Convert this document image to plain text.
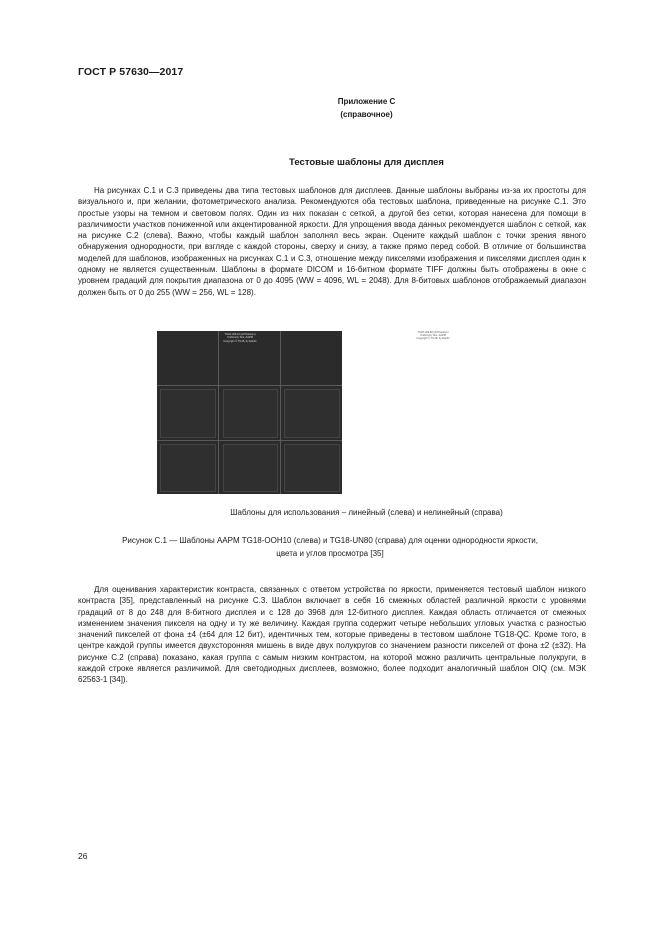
ГОСТ Р 57630—2017
Приложение С
(справочное)
Тестовые шаблоны для дисплея

На рисунках С.1 и С.3 приведены два типа тестовых шаблонов для дисплеев. Данные шаблоны выбраны из-за их простоты для визуального и, при желании, фотометрического анализа. Рекомендуются оба тестовых шаблона, приведенные на рисунке С.1. Это простые узоры на темном и световом полях. Один из них показан с сеткой, а другой без сетки, которая нанесена для помощи в различимости участков пониженной или акцентированной яркости. Для упрощения ввода данных рекомендуется шаблон с сеткой, как на рисунке С.2 (слева). Важно, чтобы каждый шаблон заполнял весь экран. Оцените каждый шаблон с точки зрения явного обнаружения однородности, при взгляде с каждой стороны, сверху и снизу, а также прямо перед собой. В отличие от большинства моделей для шаблонов, изображенных на рисунках С.1 и С.3, отношение между пикселями изображения и пикселями дисплея один к одному не является существенным. Шаблоны в формате DICOM и 16-битном формате TIFF должны быть отображены в окне с уровнем градаций для покрытия диапазона от 0 до 4095 (WW = 4096, WL = 2048). Для 8-битовых шаблонов отображаемый диапазон должен быть от 0 до 255 (WW = 256, WL = 128).

TG18-UNL10 (Al Phantom)
Uniformity Test, AAPM
Copyright © TG18, by EAHG
TG18-UNL80 (Al Phantom)
Uniformity Test, AAPM
Copyright © TG18, by EAHG
Шаблоны для использования – линейный (слева) и нелинейный (справа)
Рисунок С.1 — Шаблоны AAPM TG18-OOH10 (слева) и TG18-UN80 (справа) для оценки однородности яркости,
цвета и углов просмотра [35]

Для оценивания характеристик контраста, связанных с ответом устройства по яркости, применяется тестовый шаблон низкого контраста [35], представленный на рисунке С.3. Шаблон включает в себя 16 смежных областей различной яркости с уровнями градаций от 8 до 248 для 8-битного дисплея и с 128 до 3968 для 12-битного дисплея. Каждая область отличается от смежных изменением значения пикселя на одну и ту же величину. Каждая группа содержит четыре небольших угловых участка с разностью значений пикселей от фона ±4 (±64 для 12 бит), идентичных тем, которые приведены в тестовом шаблоне TG18-QC. Кроме того, в центре каждой группы имеется двухсторонняя мишень в виде двух полукругов со значением разности пикселей от фона ±2 (±32). На рисунке С.2 (справа) показано, какая группа с самым низким контрастом, на которой можно различить центральные полукруги, в каждой строке является различимой. Для светодиодных дисплеев, возможно, более подходит аналогичный шаблон OIQ (см. МЭК 62563-1 [34]).

26
